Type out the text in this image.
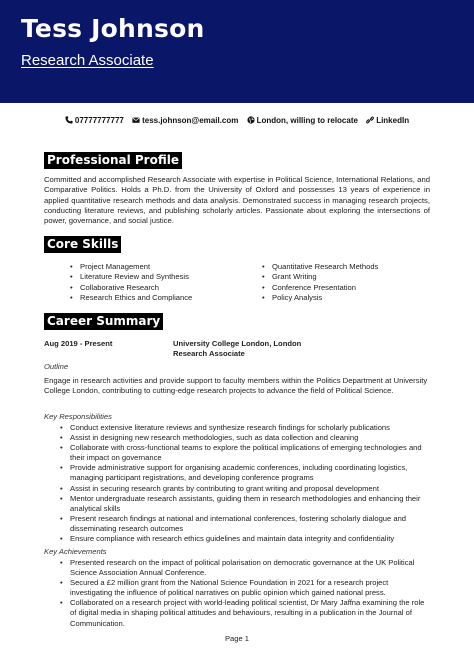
Tess Johnson
Research Associate
07777777777 tess.johnson@email.com London, willing to relocate LinkedIn
Professional Profile

Committed and accomplished Research Associate with expertise in Political Science, International Relations, and Comparative Politics. Holds a Ph.D. from the University of Oxford and possesses 13 years of experience in applied quantitative research methods and data analysis. Demonstrated success in managing research projects, conducting literature reviews, and publishing scholarly articles. Passionate about exploring the intersections of power, governance, and social justice.

Core Skills
• Project Management
• Literature Review and Synthesis
• Collaborative Research
• Research Ethics and Compliance
• Quantitative Research Methods
• Grant Writing
• Conference Presentation
• Policy Analysis
Career Summary
Aug 2019 - Present	University College London, London
Research Associate
Outline

Engage in research activities and provide support to faculty members within the Politics Department at University College London, contributing to cutting-edge research projects to advance the field of Political Science.

Key Responsibilities
• Conduct extensive literature reviews and synthesize research findings for scholarly publications
• Assist in designing new research methodologies, such as data collection and cleaning
• Collaborate with cross-functional teams to explore the political implications of emerging technologies and their impact on governance
• Provide administrative support for organising academic conferences, including coordinating logistics, managing participant registrations, and developing conference programs
• Assist in securing research grants by contributing to grant writing and proposal development
• Mentor undergraduate research assistants, guiding them in research methodologies and enhancing their analytical skills
• Present research findings at national and international conferences, fostering scholarly dialogue and disseminating research outcomes
• Ensure compliance with research ethics guidelines and maintain data integrity and confidentiality
Key Achievements
• Presented research on the impact of political polarisation on democratic governance at the UK Political Science Association Annual Conference.
• Secured a £2 million grant from the National Science Foundation in 2021 for a research project investigating the influence of political narratives on public opinion which gained national press.
• Collaborated on a research project with world-leading political scientist, Dr Mary Jaffna examining the role of digital media in shaping political attitudes and behaviours, resulting in a publication in the Journal of Communication.
Page 1
